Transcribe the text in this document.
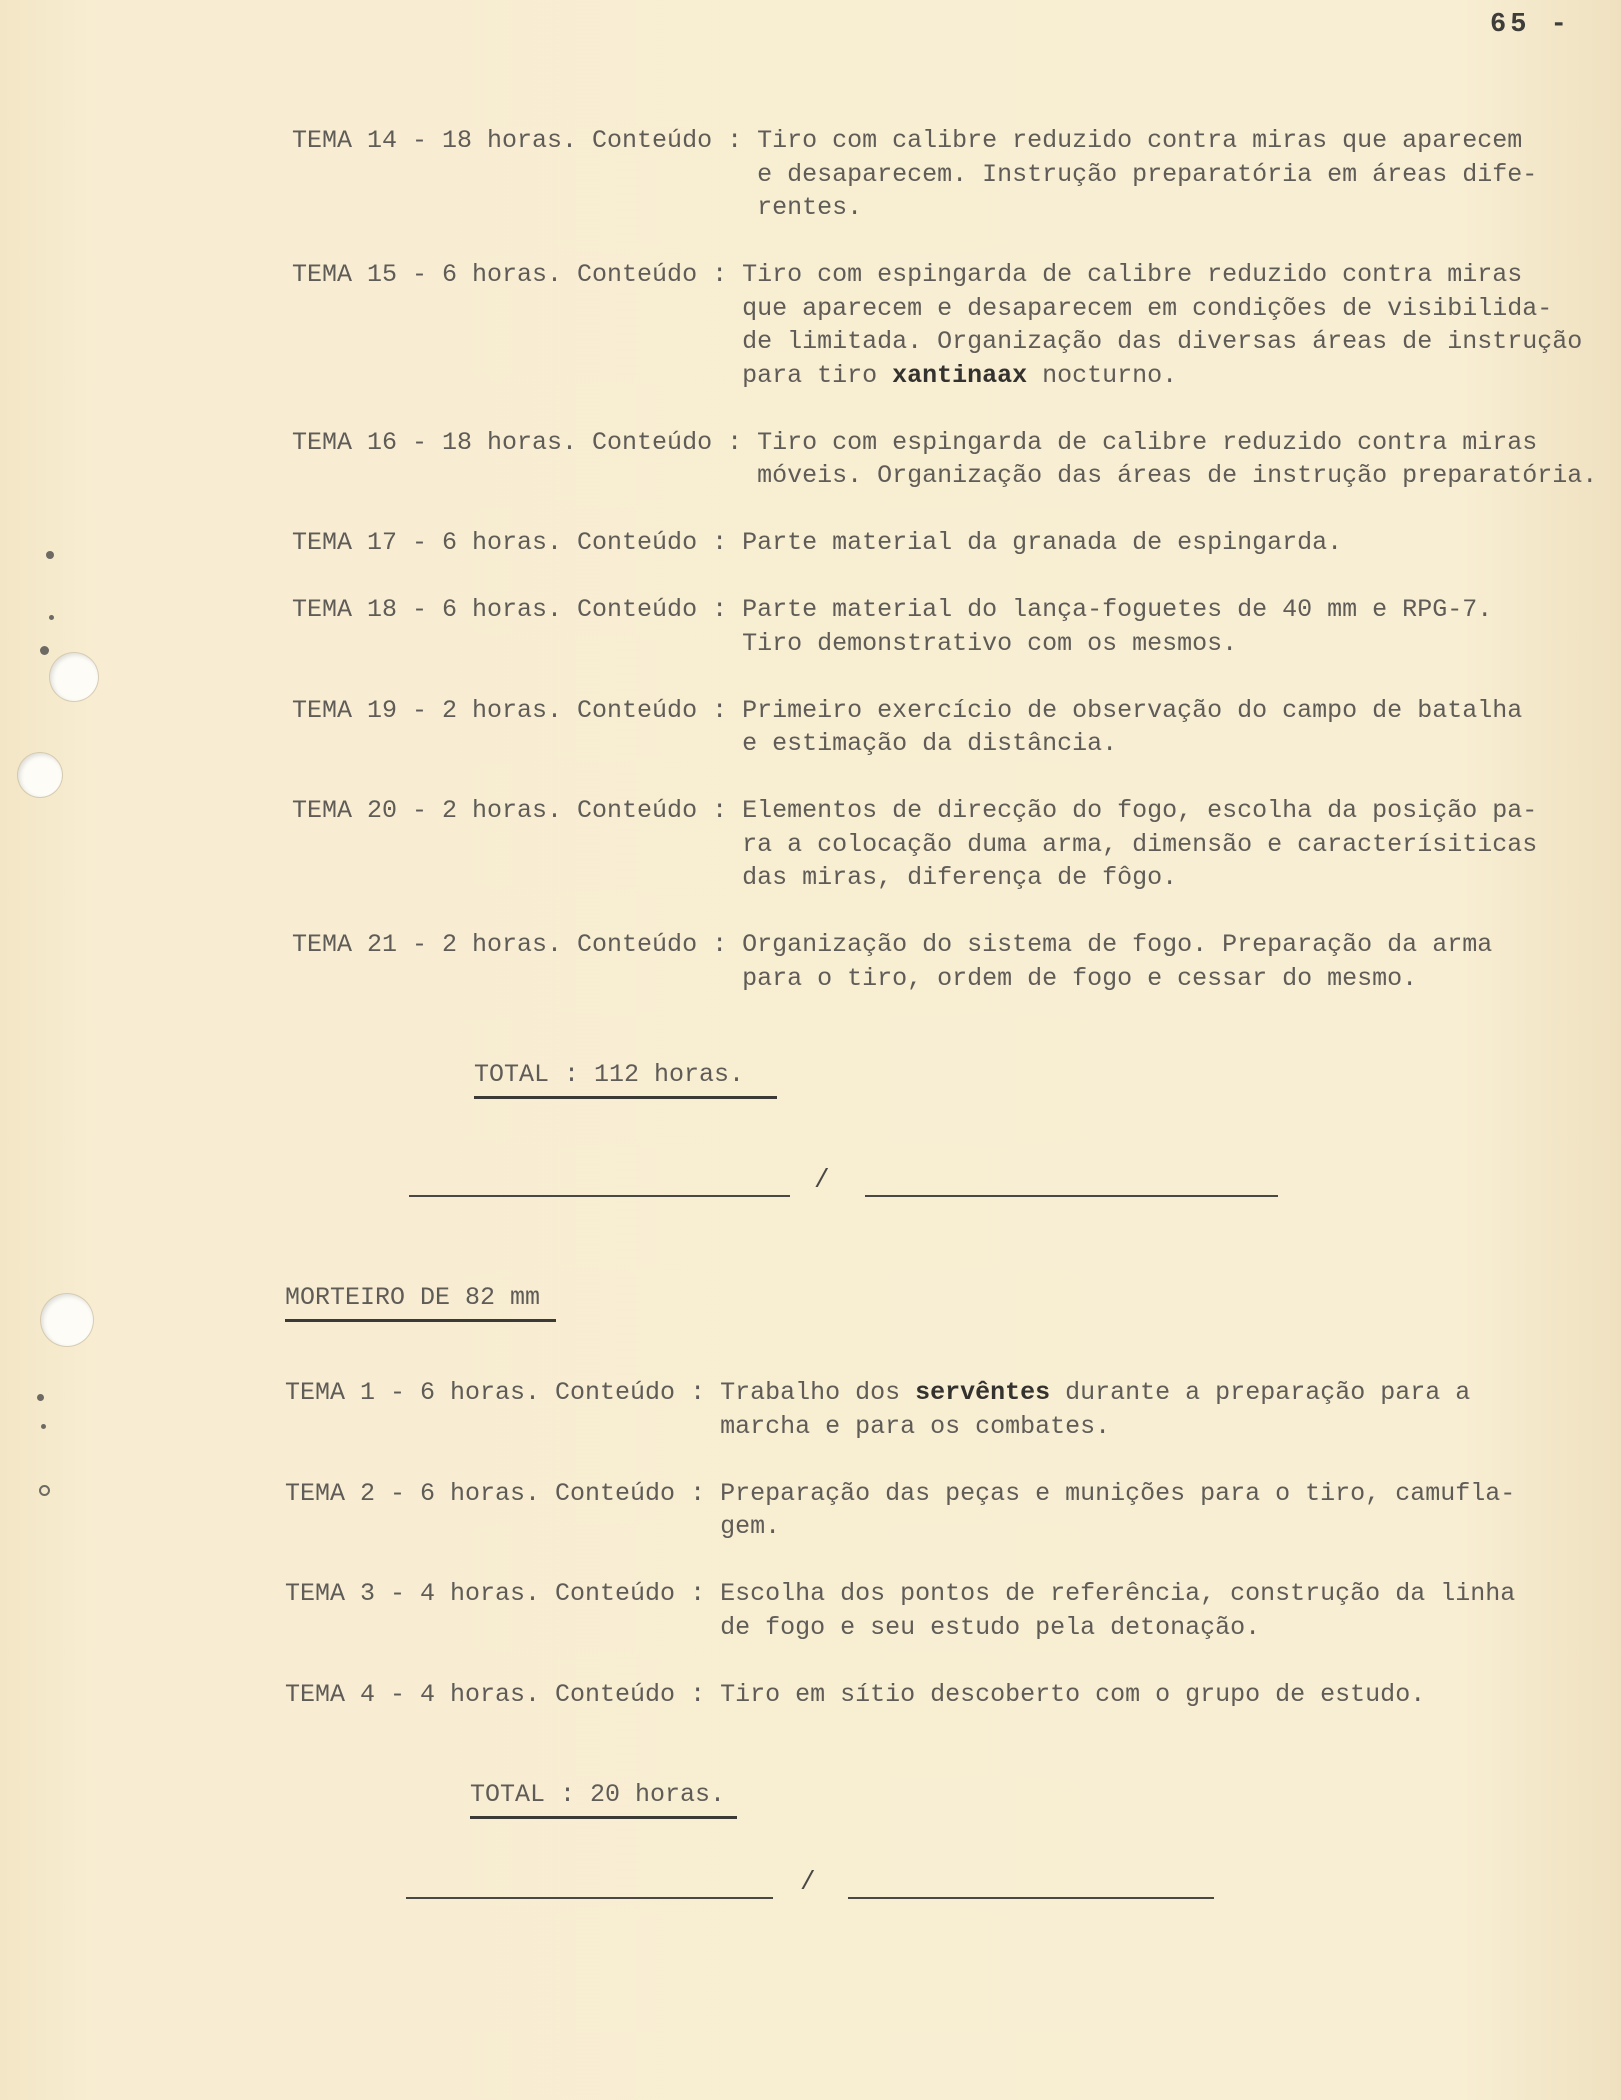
65 -
TEMA 14 - 18 horas. Conteúdo : Tiro com calibre reduzido contra miras que aparecem
e desaparecem. Instrução preparatória em áreas dife-
rentes.
TEMA 15 - 6 horas. Conteúdo : Tiro com espingarda de calibre reduzido contra miras
que aparecem e desaparecem em condições de visibilida-
de limitada. Organização das diversas áreas de instrução
para tiro xantinaax nocturno.
TEMA 16 - 18 horas. Conteúdo : Tiro com espingarda de calibre reduzido contra miras
móveis. Organização das áreas de instrução preparatória.
TEMA 17 - 6 horas. Conteúdo : Parte material da granada de espingarda.
TEMA 18 - 6 horas. Conteúdo : Parte material do lança-foguetes de 40 mm e RPG-7.
Tiro demonstrativo com os mesmos.
TEMA 19 - 2 horas. Conteúdo : Primeiro exercício de observação do campo de batalha
e estimação da distância.
TEMA 20 - 2 horas. Conteúdo : Elementos de direcção do fogo, escolha da posição pa-
ra a colocação duma arma, dimensão e caracterísiticas
das miras, diferença de fôgo.
TEMA 21 - 2 horas. Conteúdo : Organização do sistema de fogo. Preparação da arma
para o tiro, ordem de fogo e cessar do mesmo.
TOTAL : 112 horas.
/
MORTEIRO DE 82 mm
TEMA 1 - 6 horas. Conteúdo : Trabalho dos servêntes durante a preparação para a
marcha e para os combates.
TEMA 2 - 6 horas. Conteúdo : Preparação das peças e munições para o tiro, camufla-
gem.
TEMA 3 - 4 horas. Conteúdo : Escolha dos pontos de referência, construção da linha
de fogo e seu estudo pela detonação.
TEMA 4 - 4 horas. Conteúdo : Tiro em sítio descoberto com o grupo de estudo.
TOTAL : 20 horas.
/
